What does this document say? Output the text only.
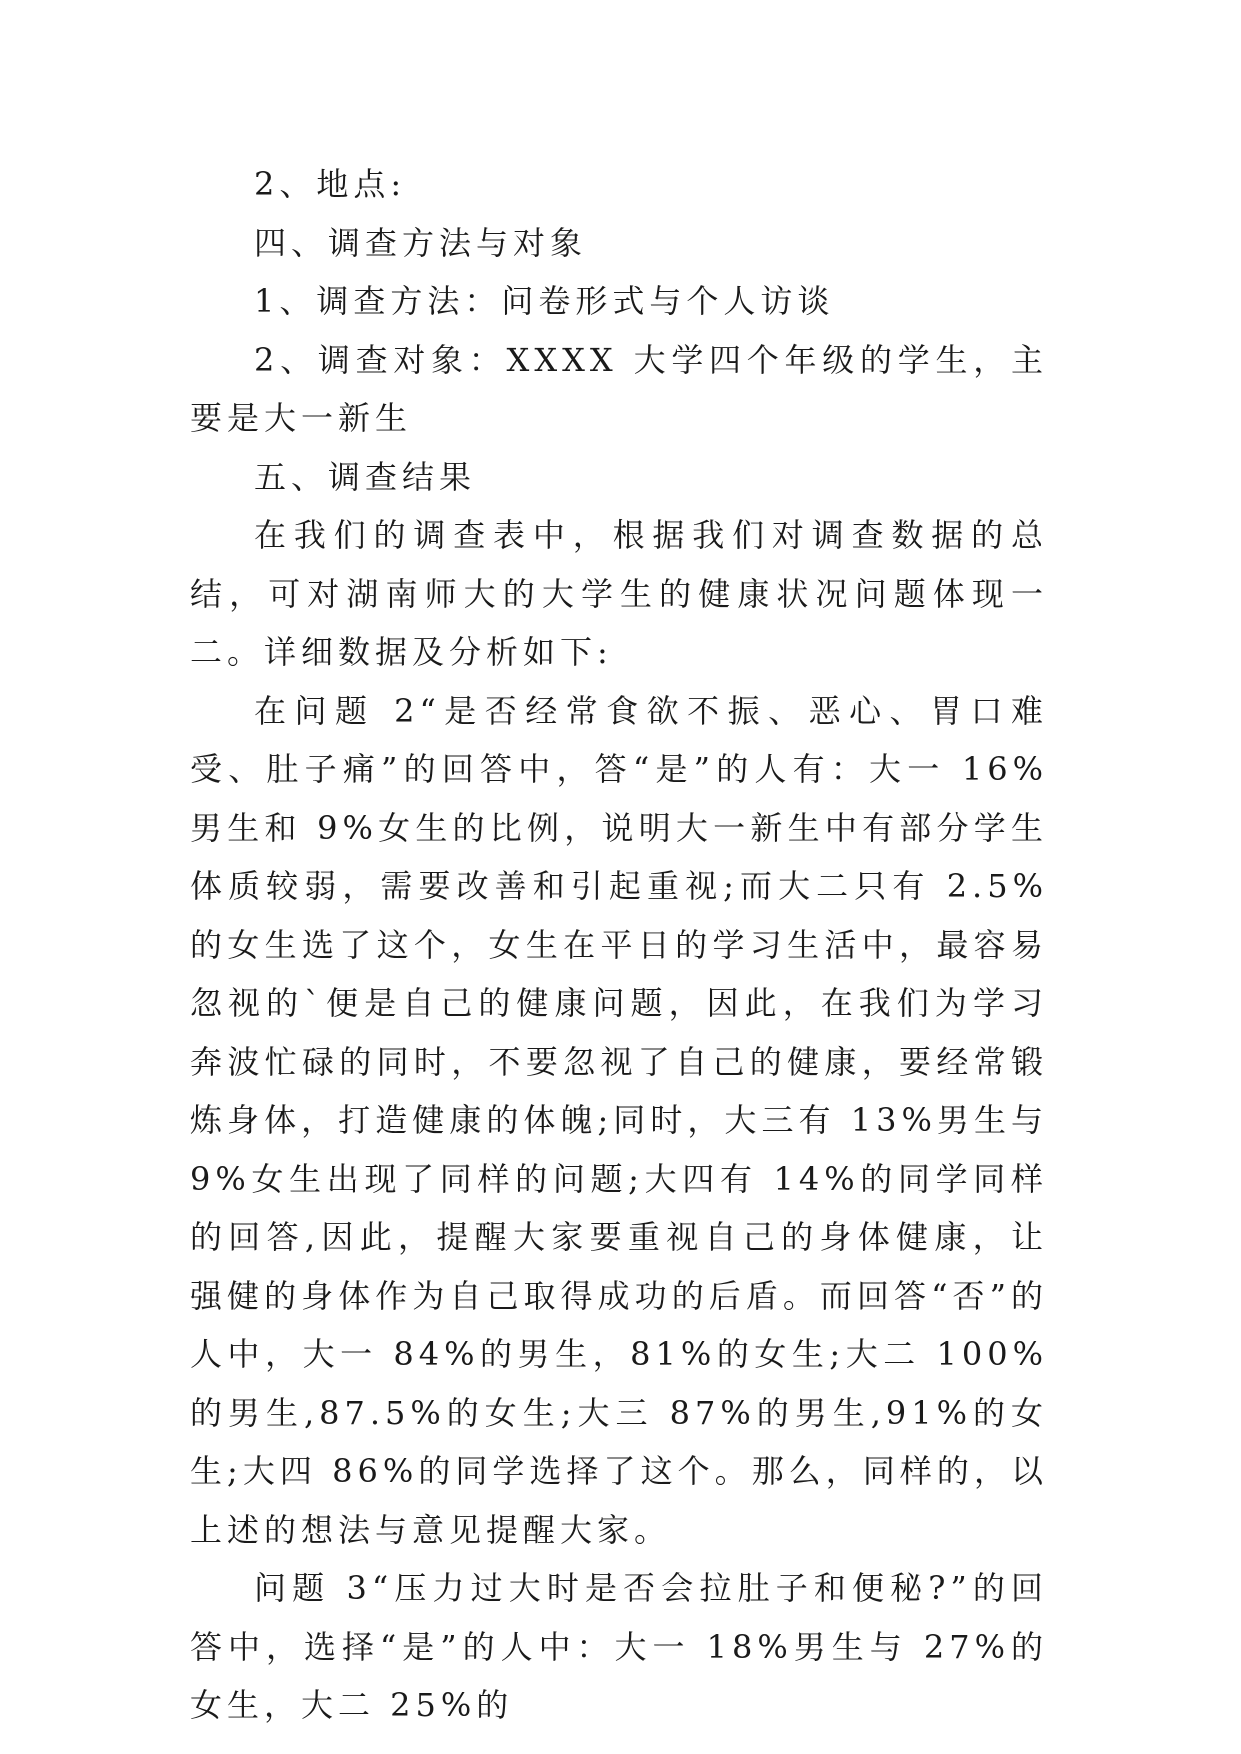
2、地点:

四、调查方法与对象

1、调查方法：问卷形式与个人访谈

2、调查对象：XXXX 大学四个年级的学生，主要是大一新生

五、调查结果

在我们的调查表中，根据我们对调查数据的总结，可对湖南师大的大学生的健康状况问题体现一二。详细数据及分析如下:

在问题 2“是否经常食欲不振、恶心、胃口难受、肚子痛”的回答中，答“是”的人有：大一 16%男生和 9%女生的比例，说明大一新生中有部分学生体质较弱，需要改善和引起重视;而大二只有 2.5%的女生选了这个，女生在平日的学习生活中，最容易忽视的`便是自己的健康问题，因此，在我们为学习奔波忙碌的同时，不要忽视了自己的健康，要经常锻炼身体，打造健康的体魄;同时，大三有 13%男生与 9%女生出现了同样的问题;大四有 14%的同学同样的回答,因此，提醒大家要重视自己的身体健康，让强健的身体作为自己取得成功的后盾。而回答“否”的人中，大一 84%的男生，81%的女生;大二 100%的男生,87.5%的女生;大三 87%的男生,91%的女生;大四 86%的同学选择了这个。那么，同样的，以上述的想法与意见提醒大家。

问题 3“压力过大时是否会拉肚子和便秘?”的回答中，选择“是”的人中：大一 18%男生与 27%的女生，大二 25%的
